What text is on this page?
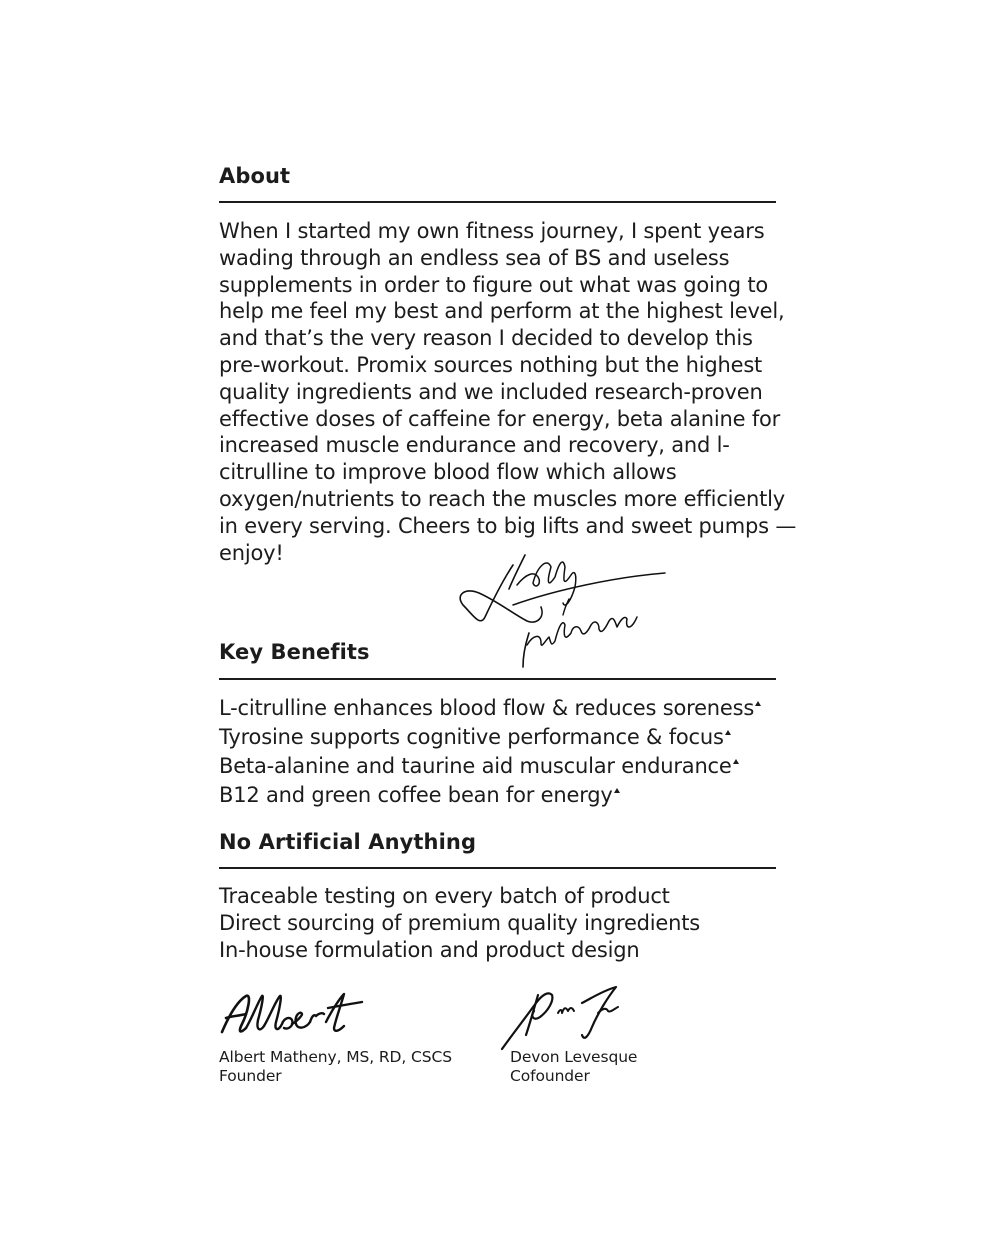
About

When I started my own fitness journey, I spent years wading through an endless sea of BS and useless supplements in order to figure out what was going to help me feel my best and perform at the highest level, and that’s the very reason I decided to develop this pre-workout. Promix sources nothing but the highest quality ingredients and we included research-proven effective doses of caffeine for energy, beta alanine for increased muscle endurance and recovery, and l-citrulline to improve blood flow which allows oxygen/nutrients to reach the muscles more efficiently in every serving. Cheers to big lifts and sweet pumps —enjoy!

Key Benefits
L-citrulline enhances blood flow & reduces soreness
Tyrosine supports cognitive performance & focus
Beta-alanine and taurine aid muscular endurance
B12 and green coffee bean for energy
No Artificial Anything
Traceable testing on every batch of product
Direct sourcing of premium quality ingredients
In-house formulation and product design
Albert Matheny, MS, RD, CSCS
Founder
Devon Levesque
Cofounder
